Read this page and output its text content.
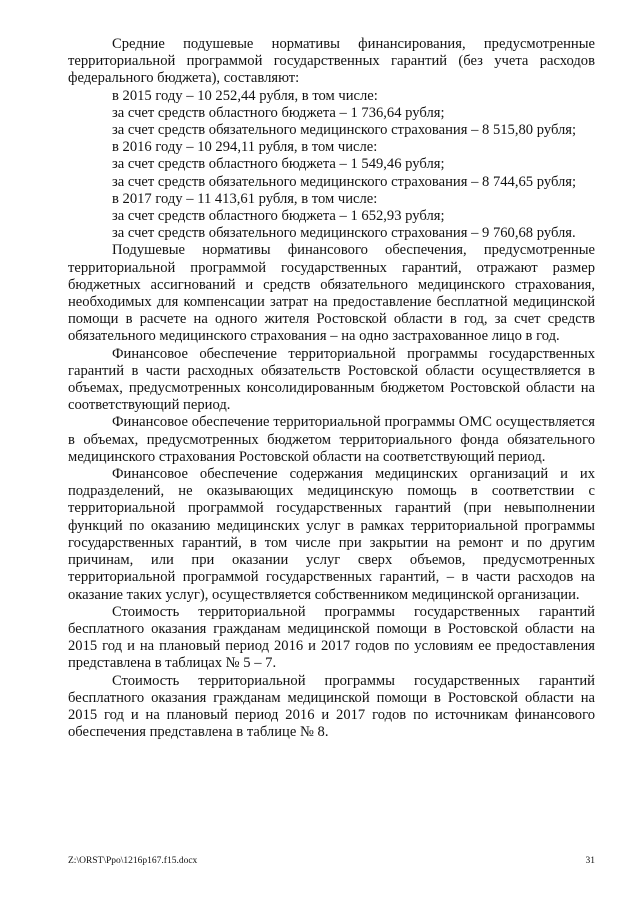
Средние подушевые нормативы финансирования, предусмотренные территориальной программой государственных гарантий (без учета расходов федерального бюджета), составляют:

в 2015 году – 10 252,44 рубля, в том числе:

за счет средств областного бюджета – 1 736,64 рубля;

за счет средств обязательного медицинского страхования – 8 515,80 рубля;

в 2016 году – 10 294,11 рубля, в том числе:

за счет средств областного бюджета – 1 549,46 рубля;

за счет средств обязательного медицинского страхования – 8 744,65 рубля;

в 2017 году – 11 413,61 рубля, в том числе:

за счет средств областного бюджета – 1 652,93 рубля;

за счет средств обязательного медицинского страхования – 9 760,68 рубля.

Подушевые нормативы финансового обеспечения, предусмотренные территориальной программой государственных гарантий, отражают размер бюджетных ассигнований и средств обязательного медицинского страхования, необходимых для компенсации затрат на предоставление бесплатной медицинской помощи в расчете на одного жителя Ростовской области в год, за счет средств обязательного медицинского страхования – на одно застрахованное лицо в год.

Финансовое обеспечение территориальной программы государственных гарантий в части расходных обязательств Ростовской области осуществляется в объемах, предусмотренных консолидированным бюджетом Ростовской области на соответствующий период.

Финансовое обеспечение территориальной программы ОМС осуществляется в объемах, предусмотренных бюджетом территориального фонда обязательного медицинского страхования Ростовской области на соответствующий период.

Финансовое обеспечение содержания медицинских организаций и их подразделений, не оказывающих медицинскую помощь в соответствии с территориальной программой государственных гарантий (при невыполнении функций по оказанию медицинских услуг в рамках территориальной программы государственных гарантий, в том числе при закрытии на ремонт и по другим причинам, или при оказании услуг сверх объемов, предусмотренных территориальной программой государственных гарантий, – в части расходов на оказание таких услуг), осуществляется собственником медицинской организации.

Стоимость территориальной программы государственных гарантий бесплатного оказания гражданам медицинской помощи в Ростовской области на 2015 год и на плановый период 2016 и 2017 годов по условиям ее предоставления представлена в таблицах № 5 – 7.

Стоимость территориальной программы государственных гарантий бесплатного оказания гражданам медицинской помощи в Ростовской области на 2015 год и на плановый период 2016 и 2017 годов по источникам финансового обеспечения представлена в таблице № 8.

Z:\ORST\Ppo\1216p167.f15.docx	31
